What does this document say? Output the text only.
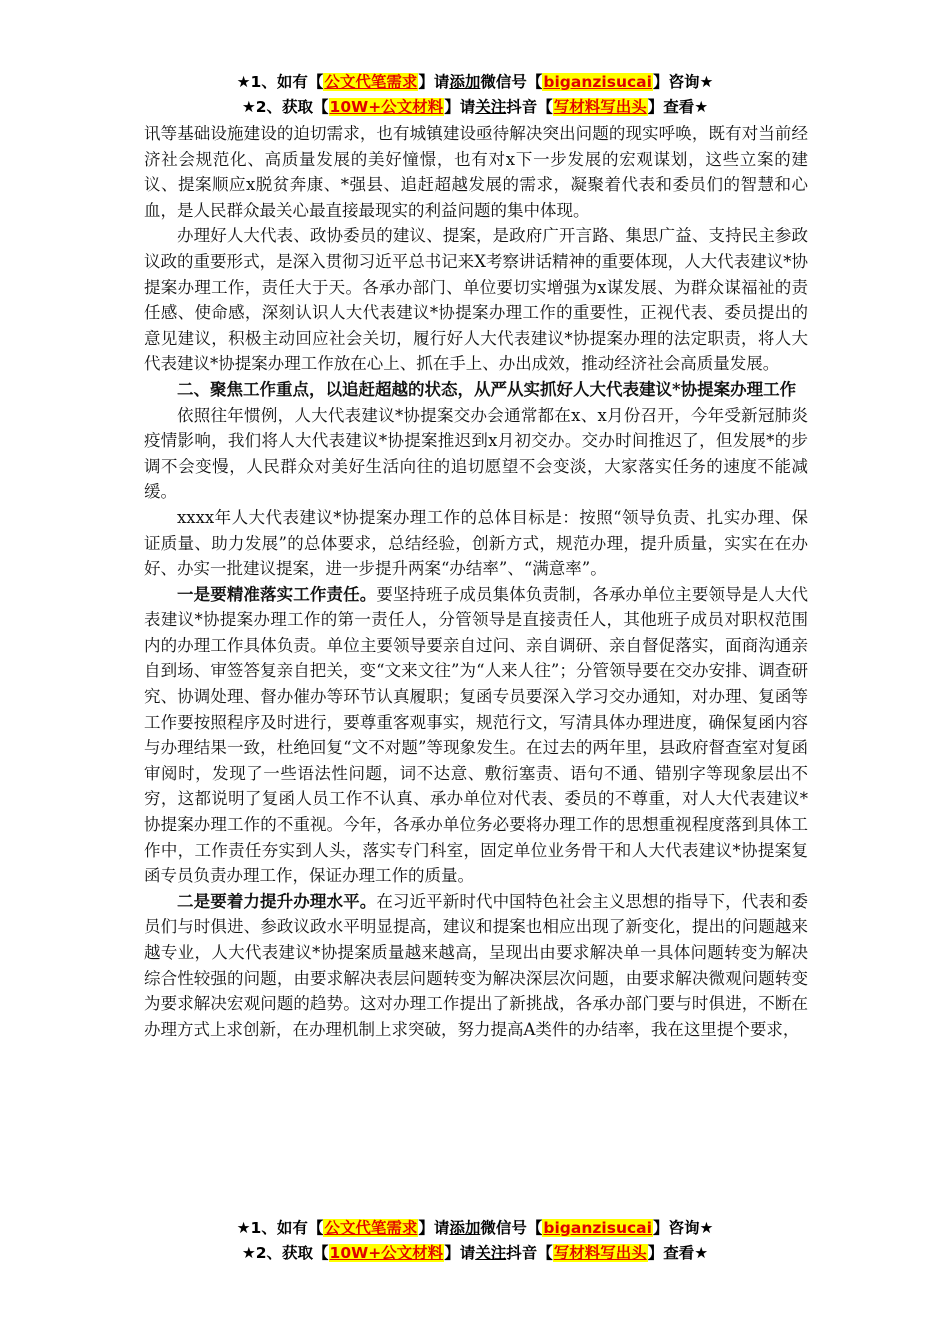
★1、如有【公文代笔需求】请添加微信号【biganzisucai】咨询★
★2、获取【10W+公文材料】请关注抖音【写材料写出头】查看★

讯等基础设施建设的迫切需求，也有城镇建设亟待解决突出问题的现实呼唤，既有对当前经济社会规范化、高质量发展的美好憧憬，也有对x下一步发展的宏观谋划，这些立案的建议、提案顺应x脱贫奔康、*强县、追赶超越发展的需求，凝聚着代表和委员们的智慧和心血，是人民群众最关心最直接最现实的利益问题的集中体现。

办理好人大代表、政协委员的建议、提案，是政府广开言路、集思广益、支持民主参政议政的重要形式，是深入贯彻习近平总书记来X考察讲话精神的重要体现，人大代表建议*协提案办理工作，责任大于天。各承办部门、单位要切实增强为x谋发展、为群众谋福祉的责任感、使命感，深刻认识人大代表建议*协提案办理工作的重要性，正视代表、委员提出的意见建议，积极主动回应社会关切，履行好人大代表建议*协提案办理的法定职责，将人大代表建议*协提案办理工作放在心上、抓在手上、办出成效，推动经济社会高质量发展。

二、聚焦工作重点，以追赶超越的状态，从严从实抓好人大代表建议*协提案办理工作

依照往年惯例，人大代表建议*协提案交办会通常都在x、x月份召开，今年受新冠肺炎疫情影响，我们将人大代表建议*协提案推迟到x月初交办。交办时间推迟了，但发展*的步调不会变慢，人民群众对美好生活向往的追切愿望不会变淡，大家落实任务的速度不能减缓。

xxxx年人大代表建议*协提案办理工作的总体目标是：按照“领导负责、扎实办理、保证质量、助力发展”的总体要求，总结经验，创新方式，规范办理，提升质量，实实在在办好、办实一批建议提案，进一步提升两案“办结率”、“满意率”。

一是要精准落实工作责任。要坚持班子成员集体负责制，各承办单位主要领导是人大代表建议*协提案办理工作的第一责任人，分管领导是直接责任人，其他班子成员对职权范围内的办理工作具体负责。单位主要领导要亲自过问、亲自调研、亲自督促落实，面商沟通亲自到场、审签答复亲自把关，变“文来文往”为“人来人往”；分管领导要在交办安排、调查研究、协调处理、督办催办等环节认真履职；复函专员要深入学习交办通知，对办理、复函等工作要按照程序及时进行，要尊重客观事实，规范行文，写清具体办理进度，确保复函内容与办理结果一致，杜绝回复“文不对题”等现象发生。在过去的两年里，县政府督查室对复函审阅时，发现了一些语法性问题，词不达意、敷衍塞责、语句不通、错别字等现象层出不穷，这都说明了复函人员工作不认真、承办单位对代表、委员的不尊重，对人大代表建议*协提案办理工作的不重视。今年，各承办单位务必要将办理工作的思想重视程度落到具体工作中，工作责任夯实到人头，落实专门科室，固定单位业务骨干和人大代表建议*协提案复函专员负责办理工作，保证办理工作的质量。

二是要着力提升办理水平。在习近平新时代中国特色社会主义思想的指导下，代表和委员们与时俱进、参政议政水平明显提高，建议和提案也相应出现了新变化，提出的问题越来越专业，人大代表建议*协提案质量越来越高，呈现出由要求解决单一具体问题转变为解决综合性较强的问题，由要求解决表层问题转变为解决深层次问题，由要求解决微观问题转变为要求解决宏观问题的趋势。这对办理工作提出了新挑战，各承办部门要与时俱进，不断在办理方式上求创新，在办理机制上求突破，努力提高A类件的办结率，我在这里提个要求，

★1、如有【公文代笔需求】请添加微信号【biganzisucai】咨询★
★2、获取【10W+公文材料】请关注抖音【写材料写出头】查看★
